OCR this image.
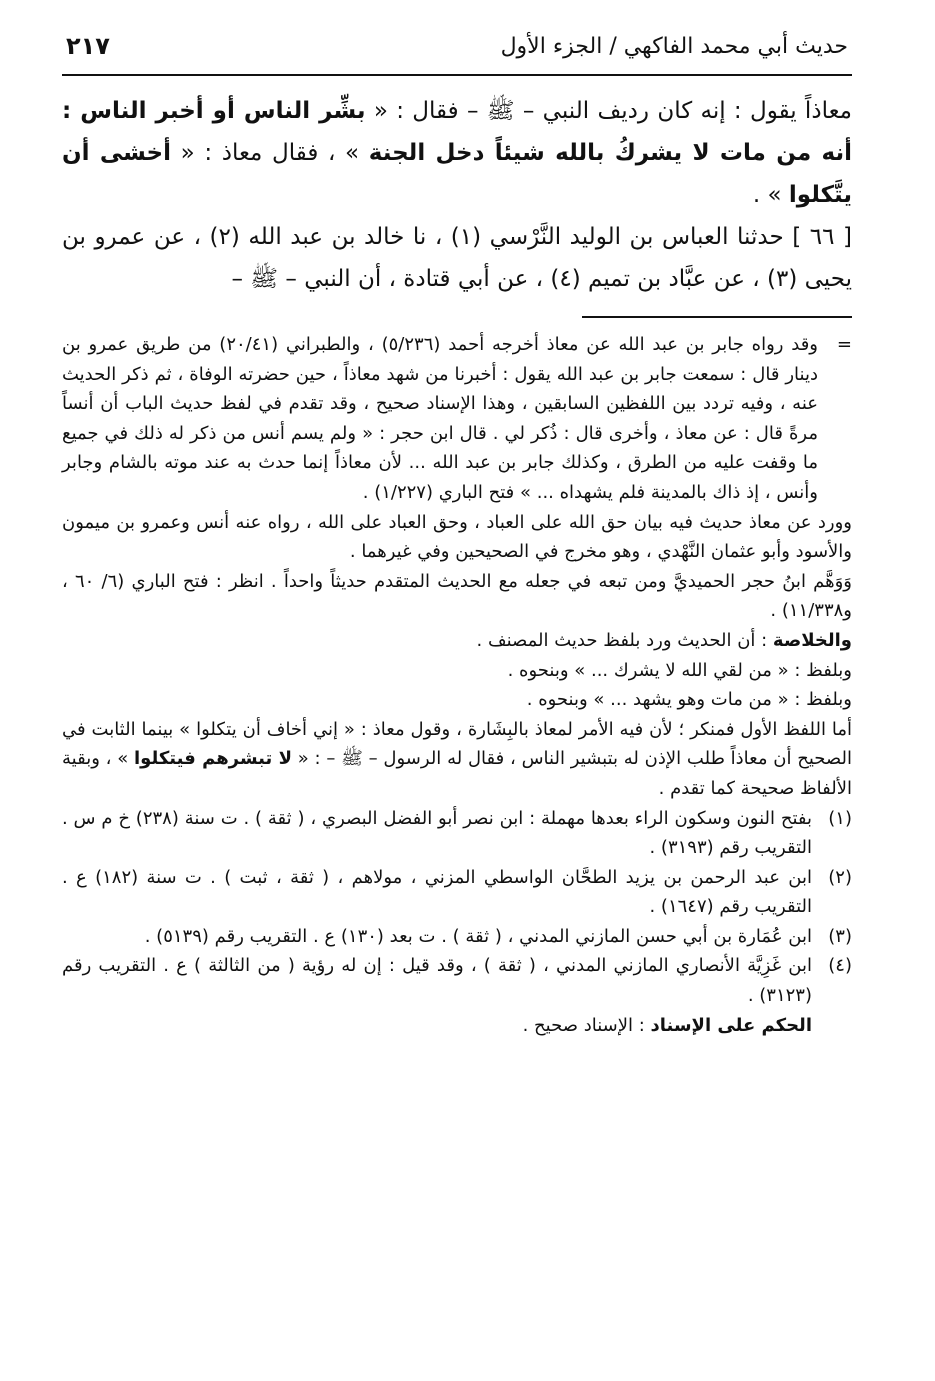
حديث أبي محمد الفاكهي / الجزء الأول
٢١٧

معاذاً يقول : إنه كان رديف النبي – ﷺ – فقال : « بشِّر الناس أو أخبر الناس : أنه من مات لا يشركُ بالله شيئاً دخل الجنة » ، فقال معاذ : « أخشى أن يتَّكلوا » .

[ ٦٦ ] حدثنا العباس بن الوليد النَّرْسي (١) ، نا خالد بن عبد الله (٢) ، عن عمرو بن يحيى (٣) ، عن عبَّاد بن تميم (٤) ، عن أبي قتادة ، أن النبي – ﷺ –

=
وقد رواه جابر بن عبد الله عن معاذ أخرجه أحمد (٥/٢٣٦) ، والطبراني (٢٠/٤١) من طريق عمرو بن دينار قال : سمعت جابر بن عبد الله يقول : أخبرنا من شهد معاذاً ، حين حضرته الوفاة ، ثم ذكر الحديث عنه ، وفيه تردد بين اللفظين السابقين ، وهذا الإسناد صحيح ، وقد تقدم في لفظ حديث الباب أن أنساً مرةً قال : عن معاذ ، وأخرى قال : ذُكر لي . قال ابن حجر : « ولم يسم أنس من ذكر له ذلك في جميع ما وقفت عليه من الطرق ، وكذلك جابر بن عبد الله ... لأن معاذاً إنما حدث به عند موته بالشام وجابر وأنس ، إذ ذاك بالمدينة فلم يشهداه ... » فتح الباري (١/٢٢٧) .

وورد عن معاذ حديث فيه بيان حق الله على العباد ، وحق العباد على الله ، رواه عنه أنس وعمرو بن ميمون والأسود وأبو عثمان النَّهْدي ، وهو مخرج في الصحيحين وفي غيرهما .

وَوَهَّم ابنُ حجر الحميديَّ ومن تبعه في جعله مع الحديث المتقدم حديثاً واحداً . انظر : فتح الباري (٦/ ٦٠ ، و١١/٣٣٨) .

والخلاصة : أن الحديث ورد بلفظ حديث المصنف .

وبلفظ : « من لقي الله لا يشرك ... » وبنحوه .

وبلفظ : « من مات وهو يشهد ... » وبنحوه .

أما اللفظ الأول فمنكر ؛ لأن فيه الأمر لمعاذ بالبِشَارة ، وقول معاذ : « إني أخاف أن يتكلوا » بينما الثابت في الصحيح أن معاذاً طلب الإذن له بتبشير الناس ، فقال له الرسول – ﷺ – : « لا تبشرهم فيتكلوا » ، وبقية الألفاظ صحيحة كما تقدم .

(١)
بفتح النون وسكون الراء بعدها مهملة : ابن نصر أبو الفضل البصري ، ( ثقة ) . ت سنة (٢٣٨) خ م س . التقريب رقم (٣١٩٣) .

(٢)
ابن عبد الرحمن بن يزيد الطحَّان الواسطي المزني ، مولاهم ، ( ثقة ، ثبت ) . ت سنة (١٨٢) ع . التقريب رقم (١٦٤٧) .

(٣)
ابن عُمَارة بن أبي حسن المازني المدني ، ( ثقة ) . ت بعد (١٣٠) ع . التقريب رقم (٥١٣٩) .

(٤)
ابن غَزِيَّة الأنصاري المازني المدني ، ( ثقة ) ، وقد قيل : إن له رؤية ( من الثالثة ) ع . التقريب رقم (٣١٢٣) .

الحكم على الإسناد : الإسناد صحيح .
